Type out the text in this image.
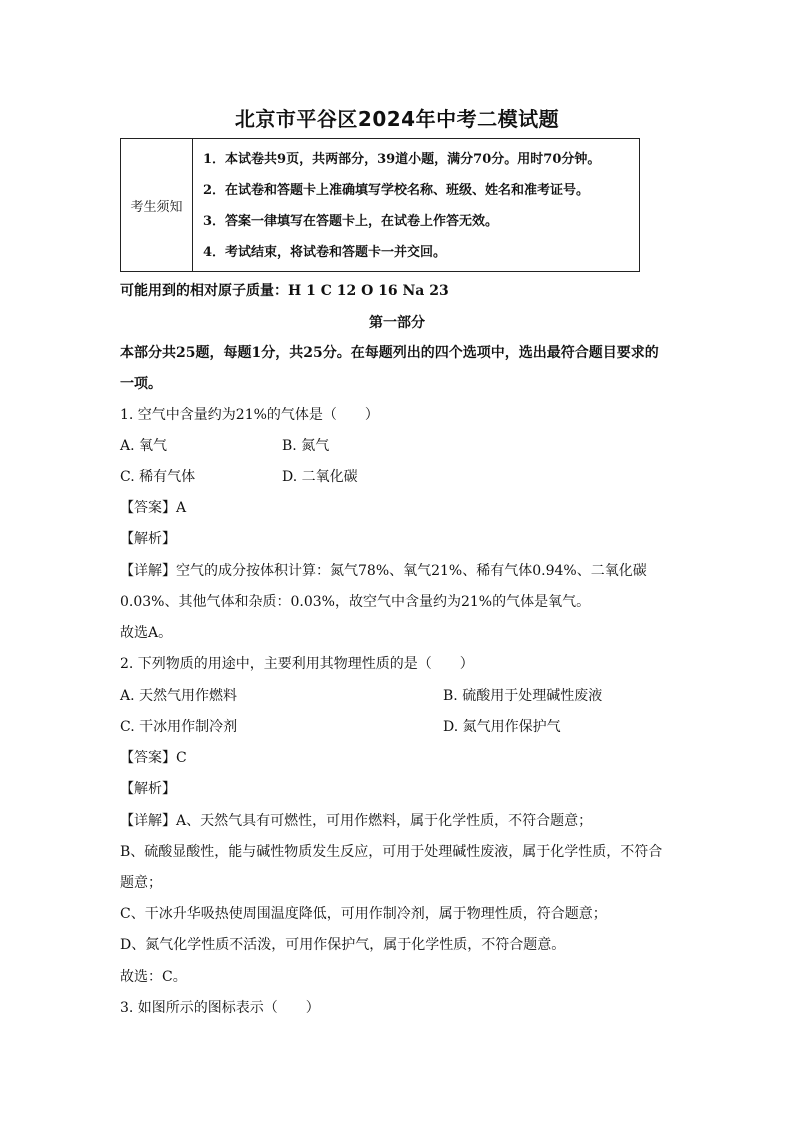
北京市平谷区2024年中考二模试题
考生须知	
1．本试卷共9页，共两部分，39道小题，满分70分。用时70分钟。
2．在试卷和答题卡上准确填写学校名称、班级、姓名和准考证号。
3．答案一律填写在答题卡上，在试卷上作答无效。
4．考试结束，将试卷和答题卡一并交回。
可能用到的相对原子质量：H 1 C 12 O 16 Na 23
第一部分
本部分共25题，每题1分，共25分。在每题列出的四个选项中，选出最符合题目要求的
一项。
1. 空气中含量约为21%的气体是（　　）
A. 氧气	B. 氮气
C. 稀有气体	D. 二氧化碳
【答案】A
【解析】
【详解】空气的成分按体积计算：氮气78%、氧气21%、稀有气体0.94%、二氧化碳
0.03%、其他气体和杂质：0.03%，故空气中含量约为21%的气体是氧气。
故选A。
2. 下列物质的用途中，主要利用其物理性质的是（　　）
A. 天然气用作燃料	B. 硫酸用于处理碱性废液
C. 干冰用作制冷剂	D. 氮气用作保护气
【答案】C
【解析】
【详解】A、天然气具有可燃性，可用作燃料，属于化学性质，不符合题意；
B、硫酸显酸性，能与碱性物质发生反应，可用于处理碱性废液，属于化学性质，不符合
题意；
C、干冰升华吸热使周围温度降低，可用作制冷剂，属于物理性质，符合题意；
D、氮气化学性质不活泼，可用作保护气，属于化学性质，不符合题意。
故选：C。
3. 如图所示的图标表示（　　）
